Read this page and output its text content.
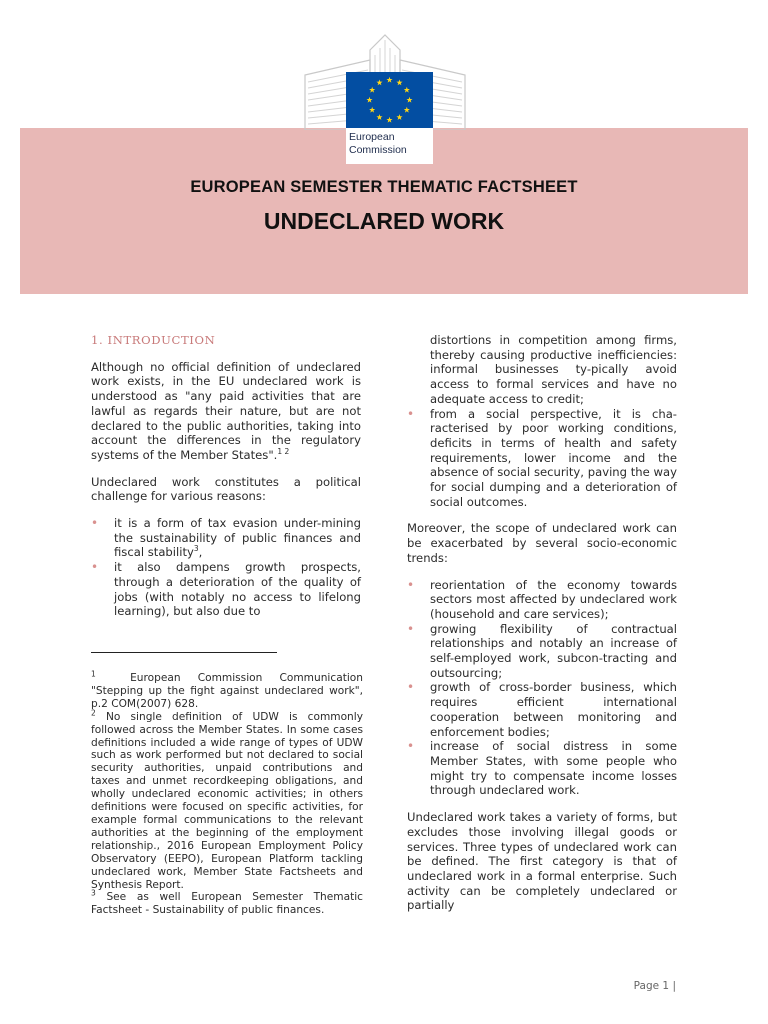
European
Commission
EUROPEAN SEMESTER THEMATIC FACTSHEET
UNDECLARED WORK
1. INTRODUCTION

Although no official definition of undeclared work exists, in the EU undeclared work is understood as "any paid activities that are lawful as regards their nature, but are not declared to the public authorities, taking into account the differences in the regulatory systems of the Member States".$^{1 2}$

Undeclared work constitutes a political challenge for various reasons:

• it is a form of tax evasion under-mining the sustainability of public finances and fiscal stability$^3$,
• it also dampens growth prospects, through a deterioration of the quality of jobs (with notably no access to lifelong learning), but also due to

$^1$	European Commission Communication "Stepping up the fight against undeclared work", p.2 COM(2007) 628.

$^2$ No single definition of UDW is commonly followed across the Member States. In some cases definitions included a wide range of types of UDW such as work performed but not declared to social security authorities, unpaid contributions and taxes and unmet recordkeeping obligations, and wholly undeclared economic activities; in others definitions were focused on specific activities, for example formal communications to the relevant authorities at the beginning of the employment relationship., 2016 European Employment Policy Observatory (EEPO), European Platform tackling undeclared work, Member State Factsheets and Synthesis Report.

$^3$ See as well European Semester Thematic Factsheet - Sustainability of public finances.

distortions in competition among firms, thereby causing productive inefficiencies: informal businesses ty-pically avoid access to formal services and have no adequate access to credit;
• from a social perspective, it is cha-racterised by poor working conditions, deficits in terms of health and safety requirements, lower income and the absence of social security, paving the way for social dumping and a deterioration of social outcomes.

Moreover, the scope of undeclared work can be exacerbated by several socio-economic trends:

• reorientation of the economy towards sectors most affected by undeclared work (household and care services);
• growing flexibility of contractual relationships and notably an increase of self-employed work, subcon-tracting and outsourcing;
• growth of cross-border business, which requires efficient international cooperation between monitoring and enforcement bodies;
• increase of social distress in some Member States, with some people who might try to compensate income losses through undeclared work.

Undeclared work takes a variety of forms, but excludes those involving illegal goods or services. Three types of undeclared work can be defined. The first category is that of undeclared work in a formal enterprise. Such activity can be completely undeclared or partially

Page 1 |
